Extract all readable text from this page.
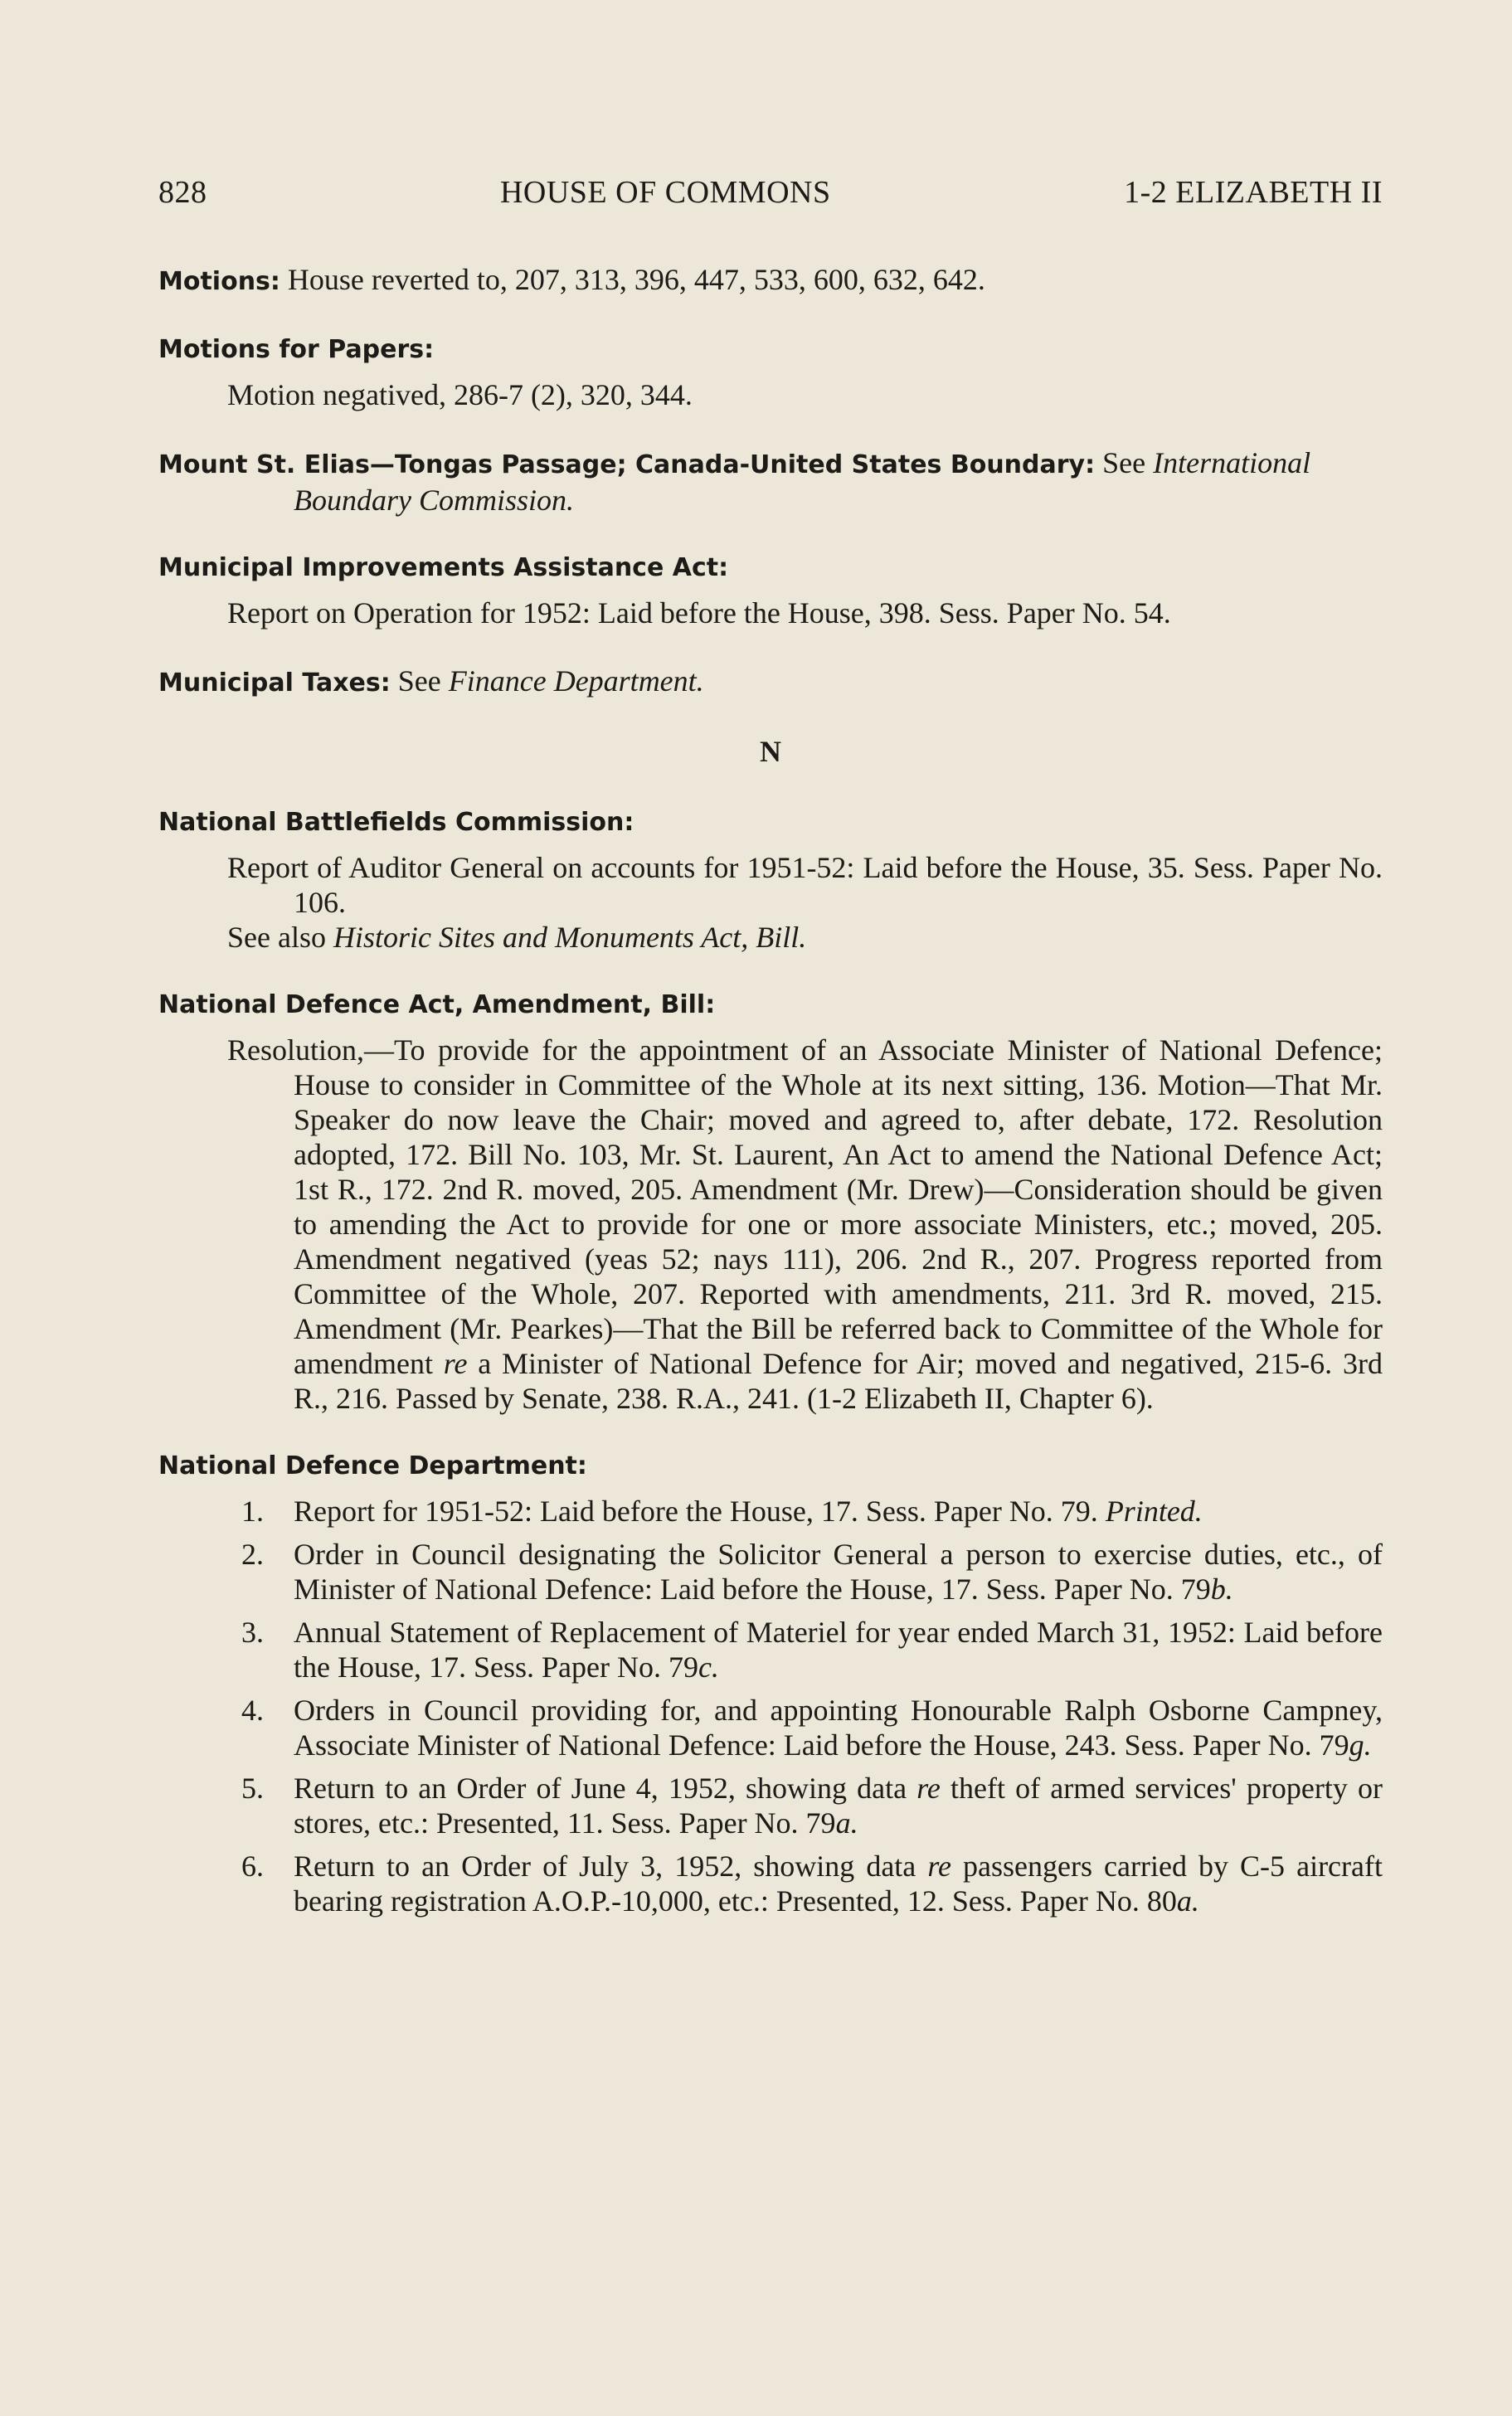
828	HOUSE OF COMMONS	1-2 ELIZABETH II
Motions: House reverted to, 207, 313, 396, 447, 533, 600, 632, 642.
Motions for Papers:
Motion negatived, 286-7 (2), 320, 344.
Mount St. Elias—Tongas Passage; Canada-United States Boundary: See International Boundary Commission.
Municipal Improvements Assistance Act:
Report on Operation for 1952: Laid before the House, 398. Sess. Paper No. 54.
Municipal Taxes: See Finance Department.
N
National Battlefields Commission:
Report of Auditor General on accounts for 1951-52: Laid before the House, 35. Sess. Paper No. 106.
See also Historic Sites and Monuments Act, Bill.
National Defence Act, Amendment, Bill:
Resolution,—To provide for the appointment of an Associate Minister of National Defence; House to consider in Committee of the Whole at its next sitting, 136. Motion—That Mr. Speaker do now leave the Chair; moved and agreed to, after debate, 172. Resolution adopted, 172. Bill No. 103, Mr. St. Laurent, An Act to amend the National Defence Act; 1st R., 172. 2nd R. moved, 205. Amendment (Mr. Drew)—Consideration should be given to amending the Act to provide for one or more associate Ministers, etc.; moved, 205. Amendment negatived (yeas 52; nays 111), 206. 2nd R., 207. Progress reported from Committee of the Whole, 207. Reported with amendments, 211. 3rd R. moved, 215. Amendment (Mr. Pearkes)—That the Bill be referred back to Committee of the Whole for amendment re a Minister of National Defence for Air; moved and negatived, 215-6. 3rd R., 216. Passed by Senate, 238. R.A., 241. (1-2 Elizabeth II, Chapter 6).
National Defence Department:
1. Report for 1951-52: Laid before the House, 17. Sess. Paper No. 79. Printed.
2. Order in Council designating the Solicitor General a person to exercise duties, etc., of Minister of National Defence: Laid before the House, 17. Sess. Paper No. 79b.
3. Annual Statement of Replacement of Materiel for year ended March 31, 1952: Laid before the House, 17. Sess. Paper No. 79c.
4. Orders in Council providing for, and appointing Honourable Ralph Osborne Campney, Associate Minister of National Defence: Laid before the House, 243. Sess. Paper No. 79g.
5. Return to an Order of June 4, 1952, showing data re theft of armed services' property or stores, etc.: Presented, 11. Sess. Paper No. 79a.
6. Return to an Order of July 3, 1952, showing data re passengers carried by C-5 aircraft bearing registration A.O.P.-10,000, etc.: Presented, 12. Sess. Paper No. 80a.
